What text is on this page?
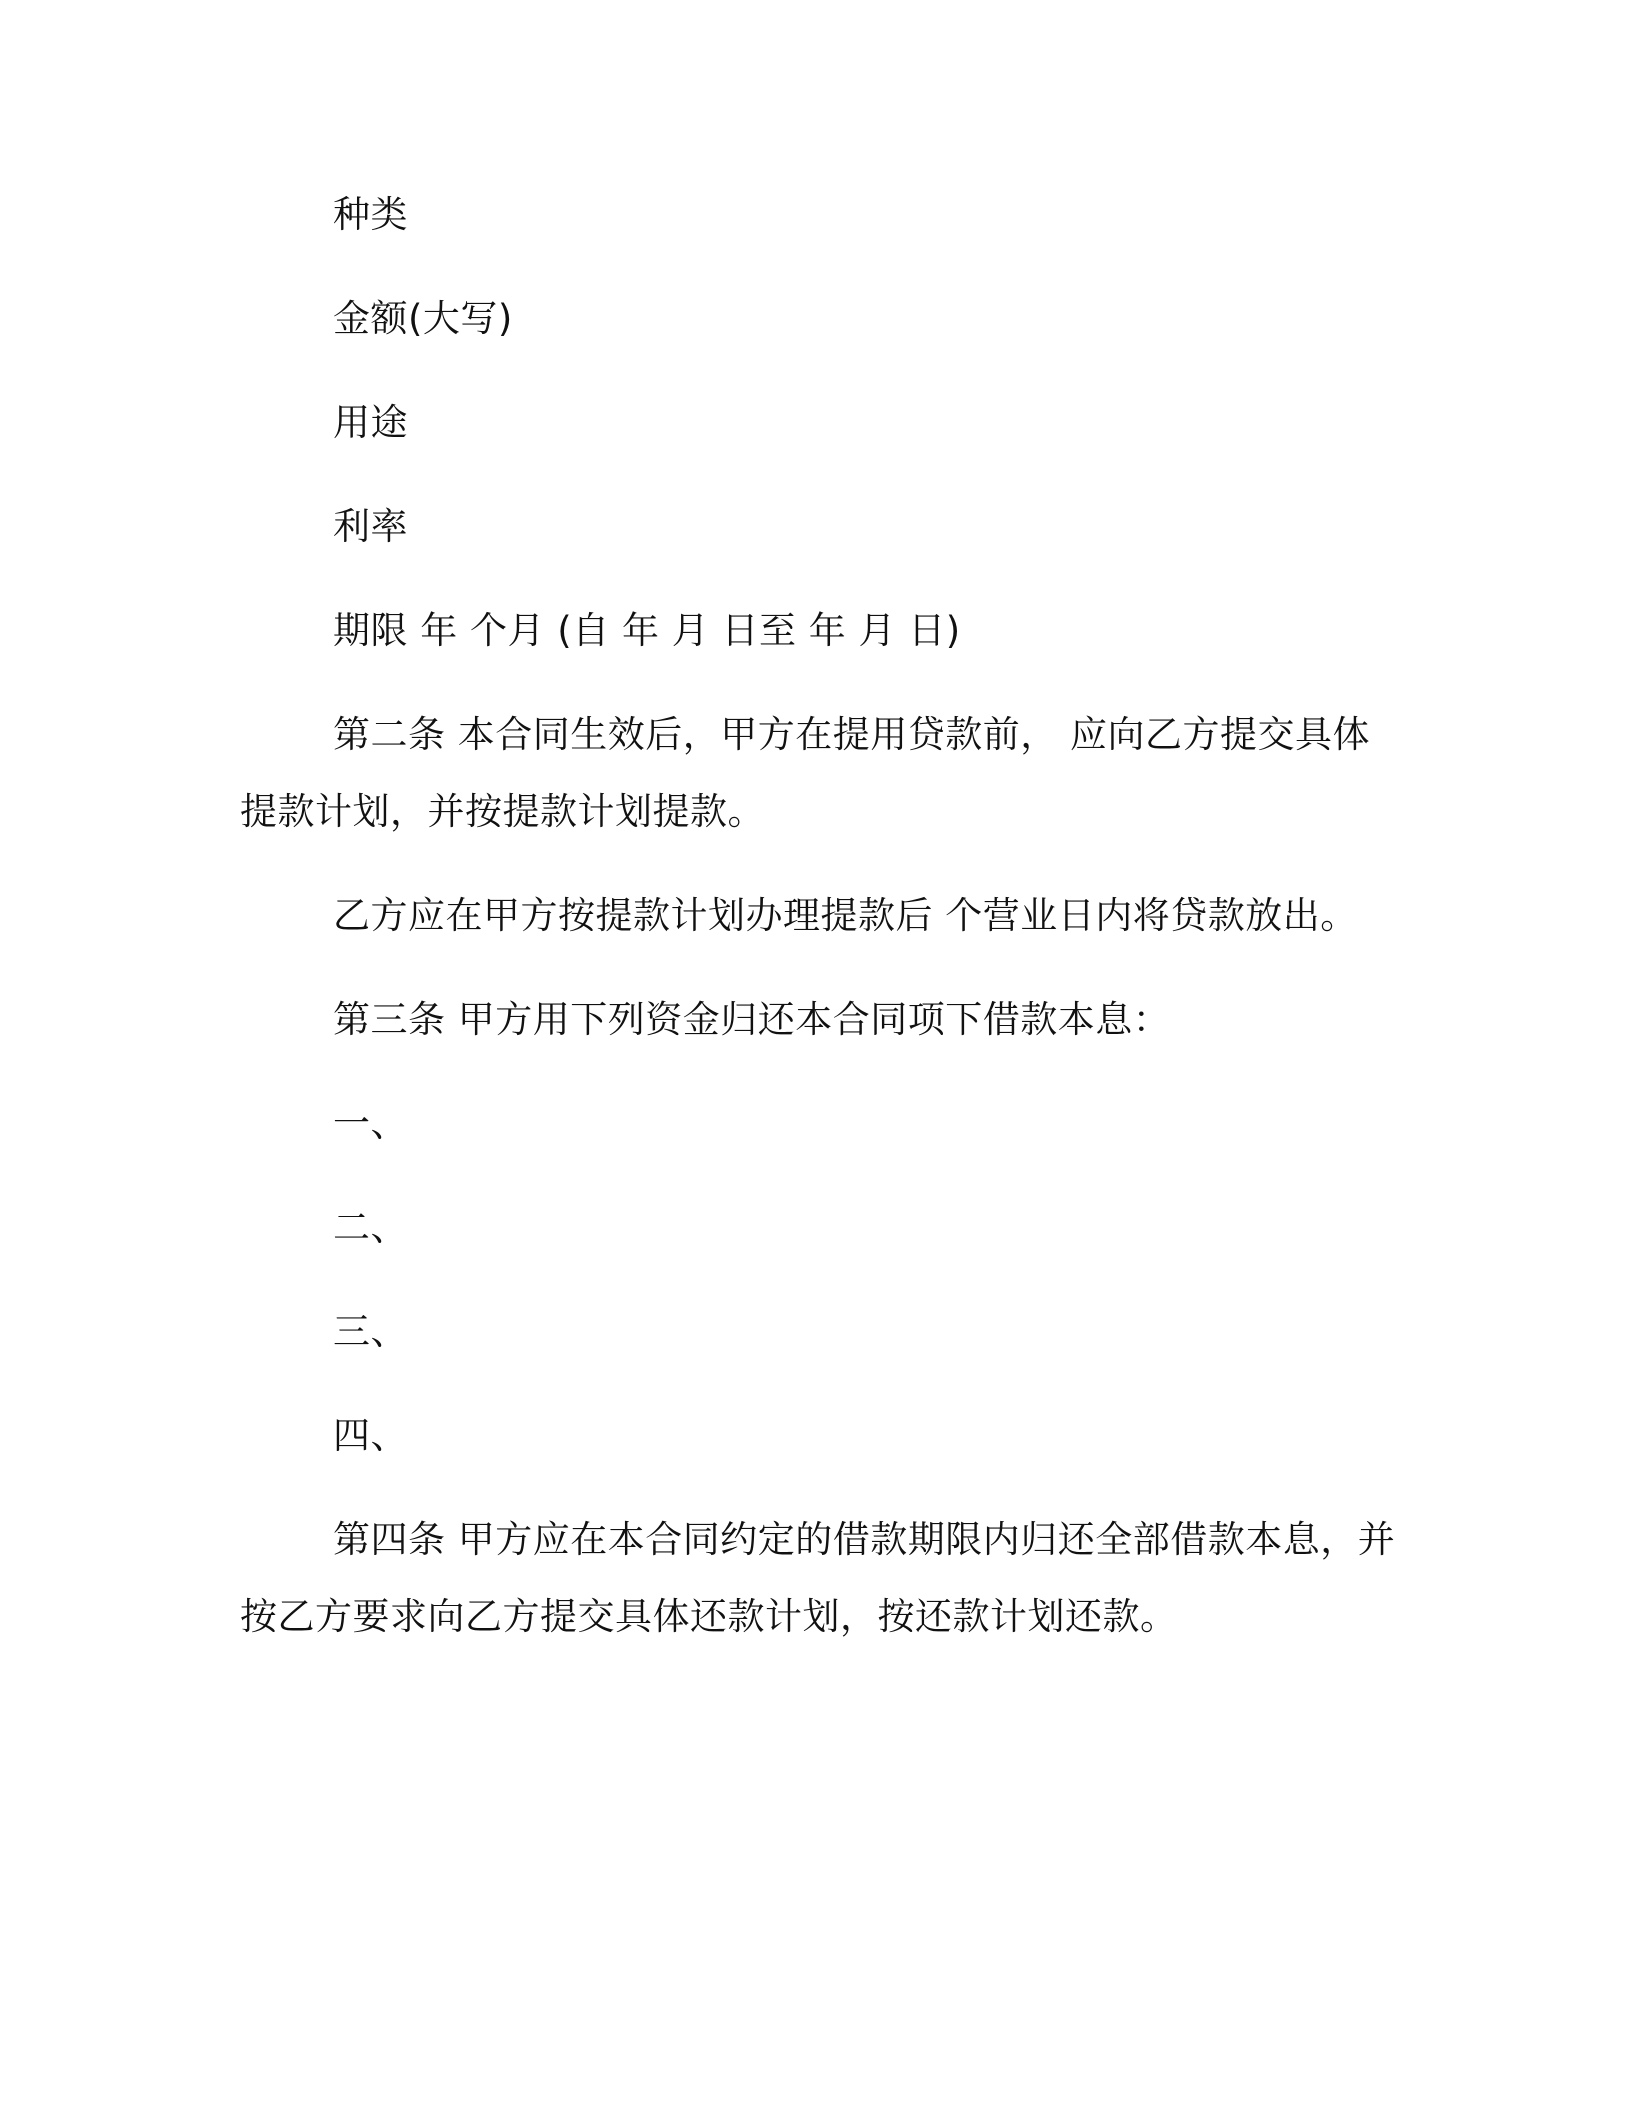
种类
金额(大写)
用途
利率
期限 年 个月 (自 年 月 日至 年 月 日)
第二条 本合同生效后，甲方在提用贷款前， 应向乙方提交具体
提款计划，并按提款计划提款。
乙方应在甲方按提款计划办理提款后 个营业日内将贷款放出。
第三条 甲方用下列资金归还本合同项下借款本息：
一、
二、
三、
四、
第四条 甲方应在本合同约定的借款期限内归还全部借款本息，并
按乙方要求向乙方提交具体还款计划，按还款计划还款。
